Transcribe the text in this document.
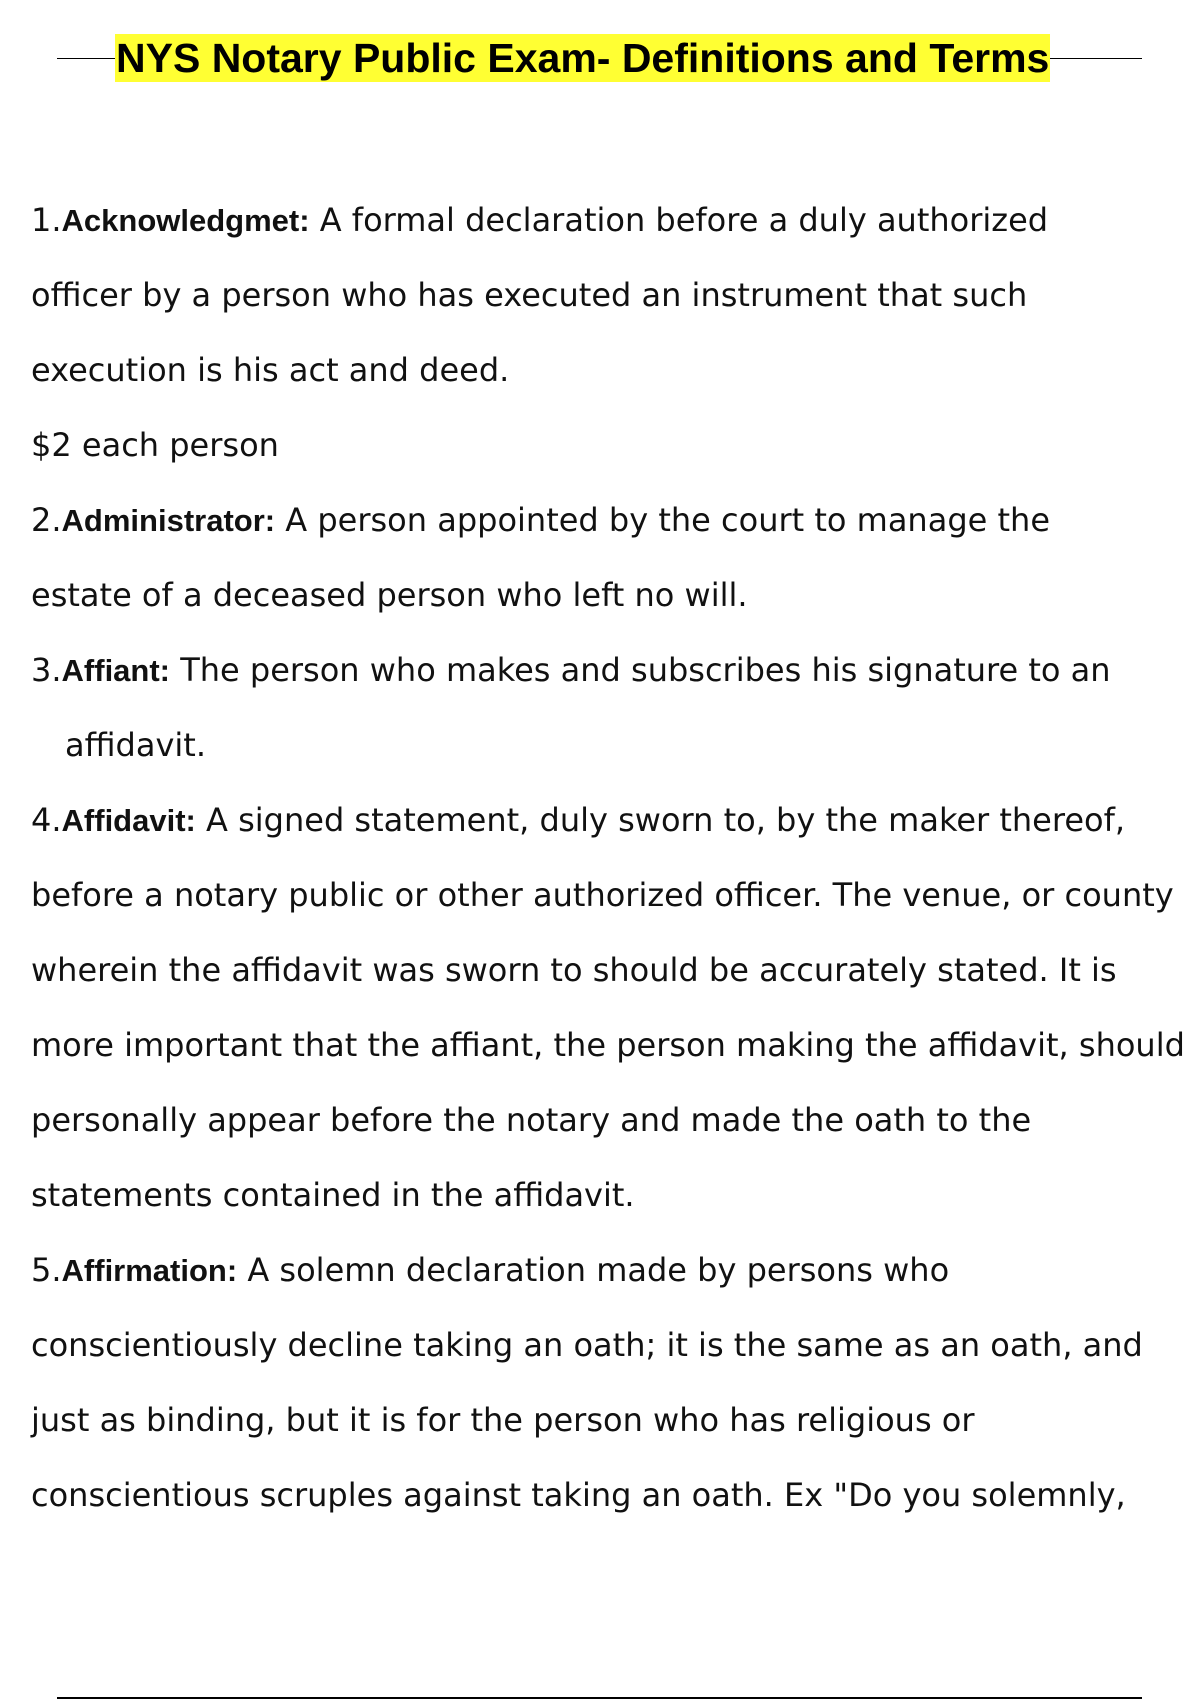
NYS Notary Public Exam- Definitions and Terms
1.Acknowledgmet: A formal declaration before a duly authorized
officer by a person who has executed an instrument that such
execution is his act and deed.
$2 each person
2.Administrator: A person appointed by the court to manage the
estate of a deceased person who left no will.
3.Affiant: The person who makes and subscribes his signature to an
affidavit.
4.Affidavit: A signed statement, duly sworn to, by the maker thereof,
before a notary public or other authorized officer. The venue, or county
wherein the affidavit was sworn to should be accurately stated. It is
more important that the affiant, the person making the affidavit, should
personally appear before the notary and made the oath to the
statements contained in the affidavit.
5.Affirmation: A solemn declaration made by persons who
conscientiously decline taking an oath; it is the same as an oath, and
just as binding, but it is for the person who has religious or
conscientious scruples against taking an oath. Ex "Do you solemnly,
